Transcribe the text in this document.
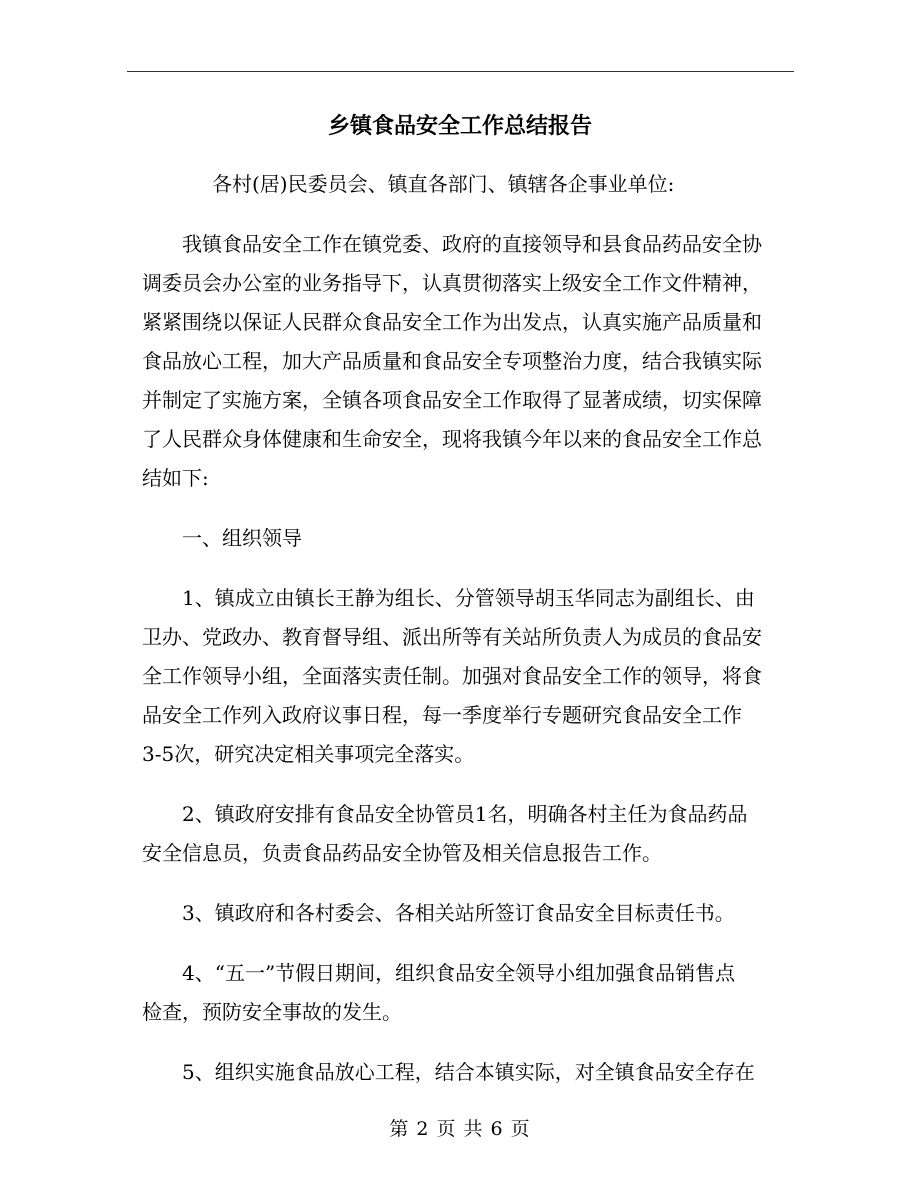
乡镇食品安全工作总结报告

各村(居)民委员会、镇直各部门、镇辖各企事业单位:

我镇食品安全工作在镇党委、政府的直接领导和县食品药品安全协
调委员会办公室的业务指导下，认真贯彻落实上级安全工作文件精神，
紧紧围绕以保证人民群众食品安全工作为出发点，认真实施产品质量和
食品放心工程，加大产品质量和食品安全专项整治力度，结合我镇实际
并制定了实施方案，全镇各项食品安全工作取得了显著成绩，切实保障
了人民群众身体健康和生命安全，现将我镇今年以来的食品安全工作总
结如下:

一、组织领导

1、镇成立由镇长王静为组长、分管领导胡玉华同志为副组长、由
卫办、党政办、教育督导组、派出所等有关站所负责人为成员的食品安
全工作领导小组，全面落实责任制。加强对食品安全工作的领导，将食
品安全工作列入政府议事日程，每一季度举行专题研究食品安全工作
3-5次，研究决定相关事项完全落实。

2、镇政府安排有食品安全协管员1名，明确各村主任为食品药品
安全信息员，负责食品药品安全协管及相关信息报告工作。

3、镇政府和各村委会、各相关站所签订食品安全目标责任书。

4、“五一”节假日期间，组织食品安全领导小组加强食品销售点
检查，预防安全事故的发生。

5、组织实施食品放心工程，结合本镇实际，对全镇食品安全存在

第 2 页 共 6 页
